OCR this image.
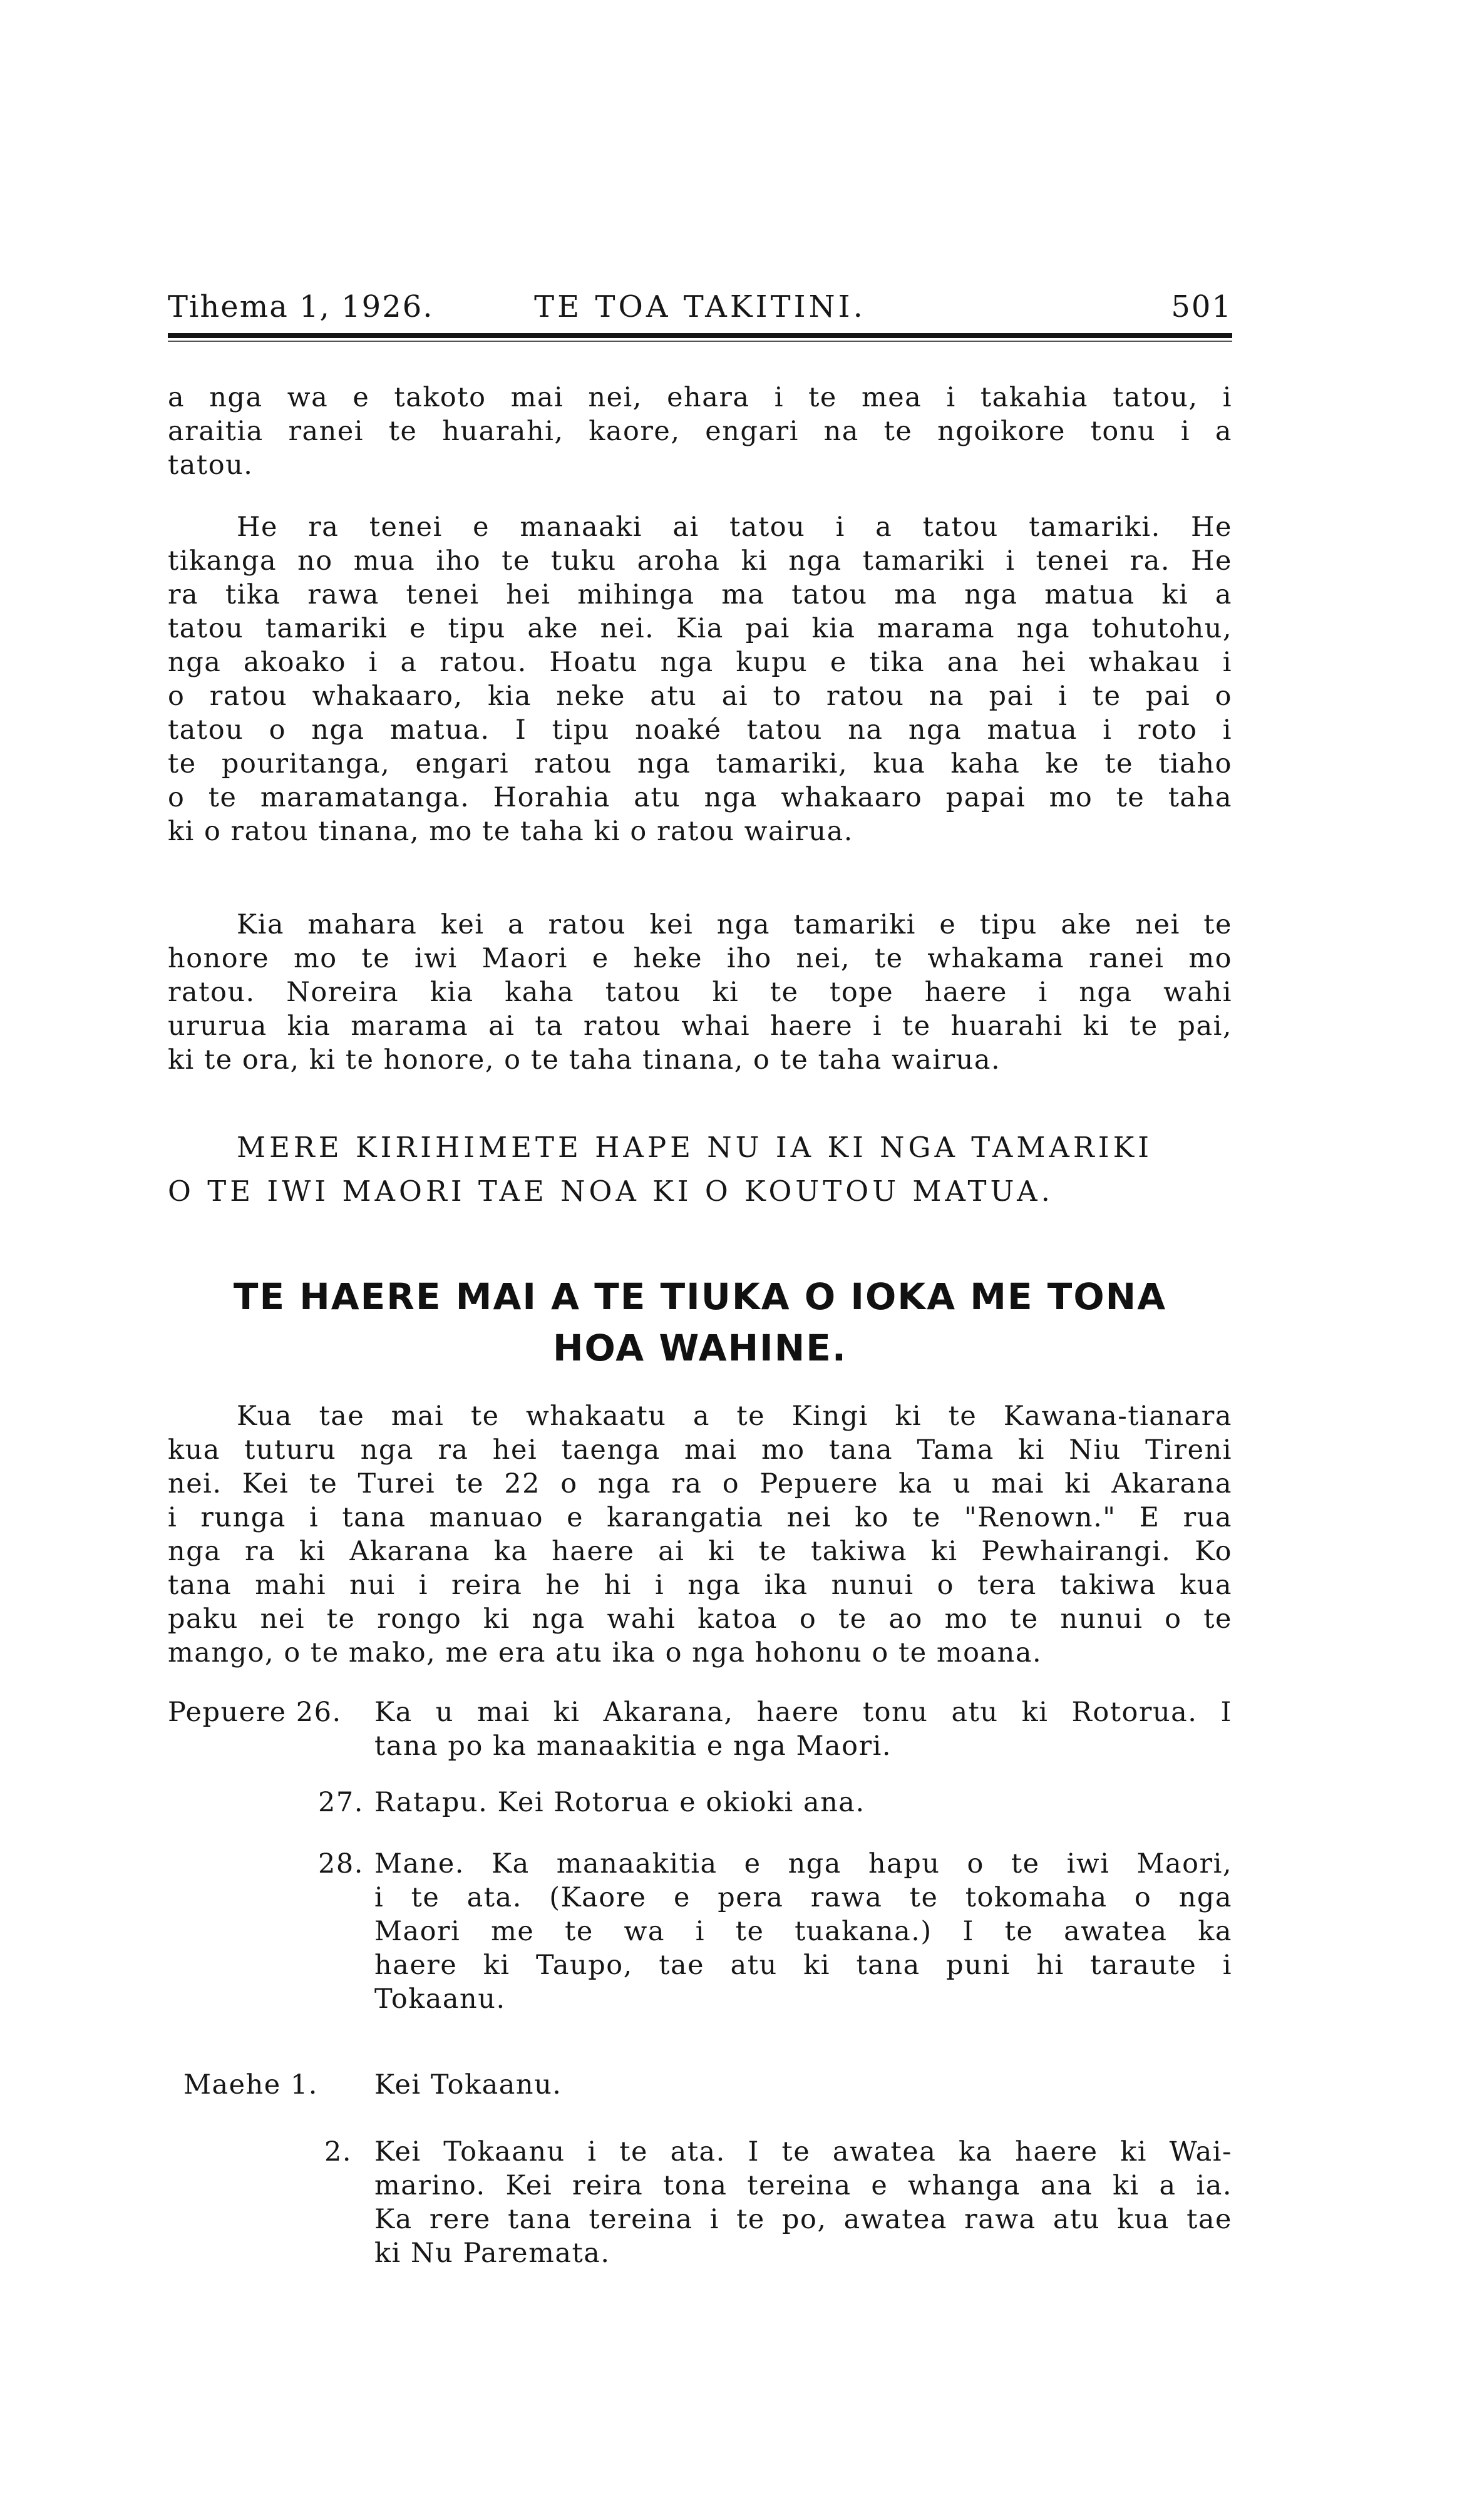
Tihema 1, 1926.	TE TOA TAKITINI.	501
a nga wa e takoto mai nei, ehara i te mea i takahia tatou, i
araitia ranei te huarahi, kaore, engari na te ngoikore tonu i a
tatou.
He ra tenei e manaaki ai tatou i a tatou tamariki. He
tikanga no mua iho te tuku aroha ki nga tamariki i tenei ra. He
ra tika rawa tenei hei mihinga ma tatou ma nga matua ki a
tatou tamariki e tipu ake nei. Kia pai kia marama nga tohutohu,
nga akoako i a ratou. Hoatu nga kupu e tika ana hei whakau i
o ratou whakaaro, kia neke atu ai to ratou na pai i te pai o
tatou o nga matua. I tipu noaké tatou na nga matua i roto i
te pouritanga, engari ratou nga tamariki, kua kaha ke te tiaho
o te maramatanga. Horahia atu nga whakaaro papai mo te taha
ki o ratou tinana, mo te taha ki o ratou wairua.
Kia mahara kei a ratou kei nga tamariki e tipu ake nei te
honore mo te iwi Maori e heke iho nei, te whakama ranei mo
ratou. Noreira kia kaha tatou ki te tope haere i nga wahi
ururua kia marama ai ta ratou whai haere i te huarahi ki te pai,
ki te ora, ki te honore, o te taha tinana, o te taha wairua.
MERE KIRIHIMETE HAPE NU IA KI NGA TAMARIKI
O TE IWI MAORI TAE NOA KI O KOUTOU MATUA.
TE HAERE MAI A TE TIUKA O IOKA ME TONA
HOA WAHINE.
Kua tae mai te whakaatu a te Kingi ki te Kawana-tianara
kua tuturu nga ra hei taenga mai mo tana Tama ki Niu Tireni
nei. Kei te Turei te 22 o nga ra o Pepuere ka u mai ki Akarana
i runga i tana manuao e karangatia nei ko te "Renown." E rua
nga ra ki Akarana ka haere ai ki te takiwa ki Pewhairangi. Ko
tana mahi nui i reira he hi i nga ika nunui o tera takiwa kua
paku nei te rongo ki nga wahi katoa o te ao mo te nunui o te
mango, o te mako, me era atu ika o nga hohonu o te moana.
Pepuere 26. Ka u mai ki Akarana, haere tonu atu ki Rotorua. I
tana po ka manaakitia e nga Maori.
27. Ratapu. Kei Rotorua e okioki ana.
28. Mane. Ka manaakitia e nga hapu o te iwi Maori,
i te ata. (Kaore e pera rawa te tokomaha o nga
Maori me te wa i te tuakana.) I te awatea ka
haere ki Taupo, tae atu ki tana puni hi taraute i
Tokaanu.
Maehe 1. Kei Tokaanu.
2. Kei Tokaanu i te ata. I te awatea ka haere ki Wai-
marino. Kei reira tona tereina e whanga ana ki a ia.
Ka rere tana tereina i te po, awatea rawa atu kua tae
ki Nu Paremata.
